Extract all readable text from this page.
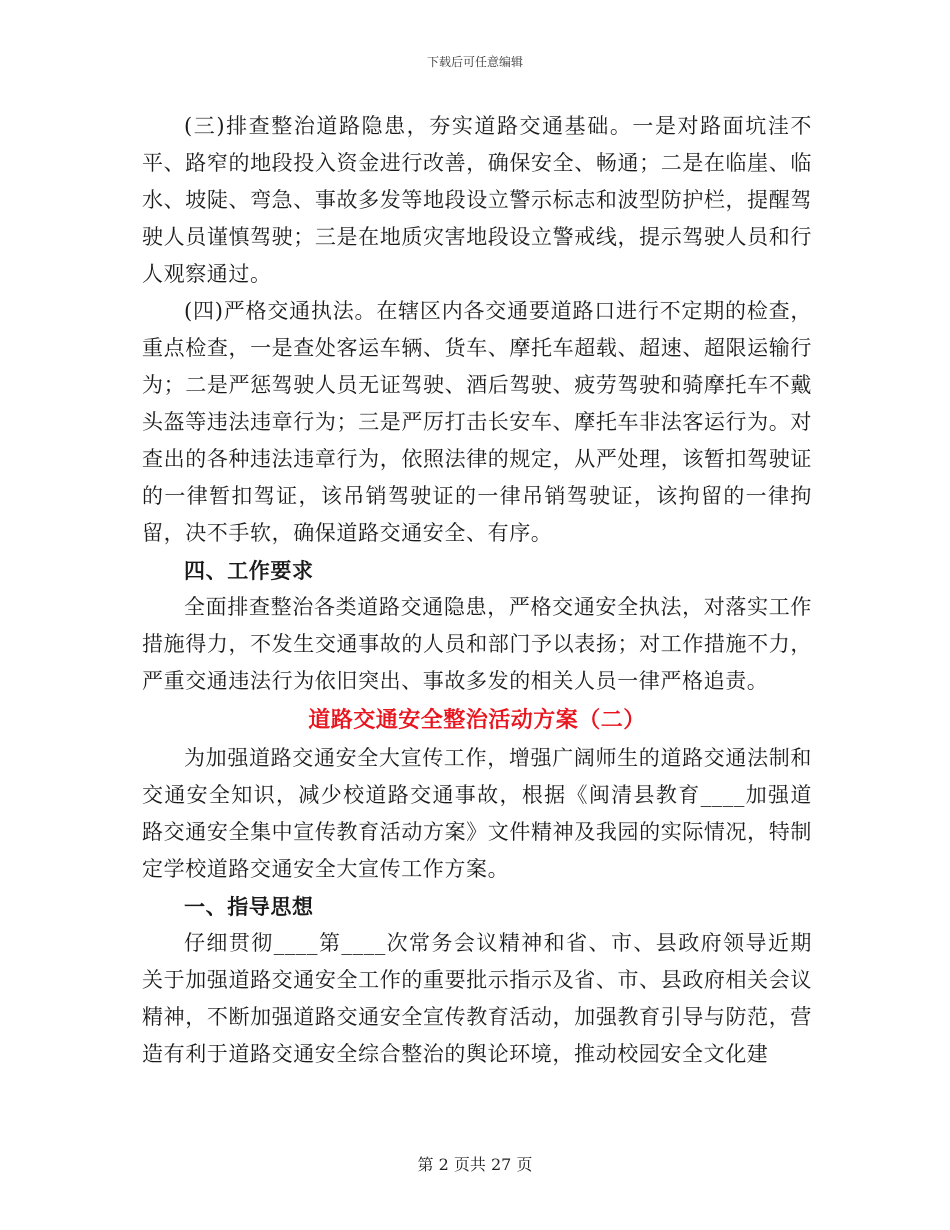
下载后可任意编辑

(三)排查整治道路隐患，夯实道路交通基础。一是对路面坑洼不平、路窄的地段投入资金进行改善，确保安全、畅通；二是在临崖、临水、坡陡、弯急、事故多发等地段设立警示标志和波型防护栏，提醒驾驶人员谨慎驾驶；三是在地质灾害地段设立警戒线，提示驾驶人员和行人观察通过。

(四)严格交通执法。在辖区内各交通要道路口进行不定期的检查，重点检查，一是查处客运车辆、货车、摩托车超载、超速、超限运输行为；二是严惩驾驶人员无证驾驶、酒后驾驶、疲劳驾驶和骑摩托车不戴头盔等违法违章行为；三是严厉打击长安车、摩托车非法客运行为。对查出的各种违法违章行为，依照法律的规定，从严处理，该暂扣驾驶证的一律暂扣驾证，该吊销驾驶证的一律吊销驾驶证，该拘留的一律拘留，决不手软，确保道路交通安全、有序。

四、工作要求

全面排查整治各类道路交通隐患，严格交通安全执法，对落实工作措施得力，不发生交通事故的人员和部门予以表扬；对工作措施不力，严重交通违法行为依旧突出、事故多发的相关人员一律严格追责。

道路交通安全整治活动方案（二）

为加强道路交通安全大宣传工作，增强广阔师生的道路交通法制和交通安全知识，减少校道路交通事故，根据《闽清县教育____加强道路交通安全集中宣传教育活动方案》文件精神及我园的实际情况，特制定学校道路交通安全大宣传工作方案。

一、指导思想

仔细贯彻____第____次常务会议精神和省、市、县政府领导近期关于加强道路交通安全工作的重要批示指示及省、市、县政府相关会议精神，不断加强道路交通安全宣传教育活动，加强教育引导与防范，营造有利于道路交通安全综合整治的舆论环境，推动校园安全文化建

第 2 页共 27 页
